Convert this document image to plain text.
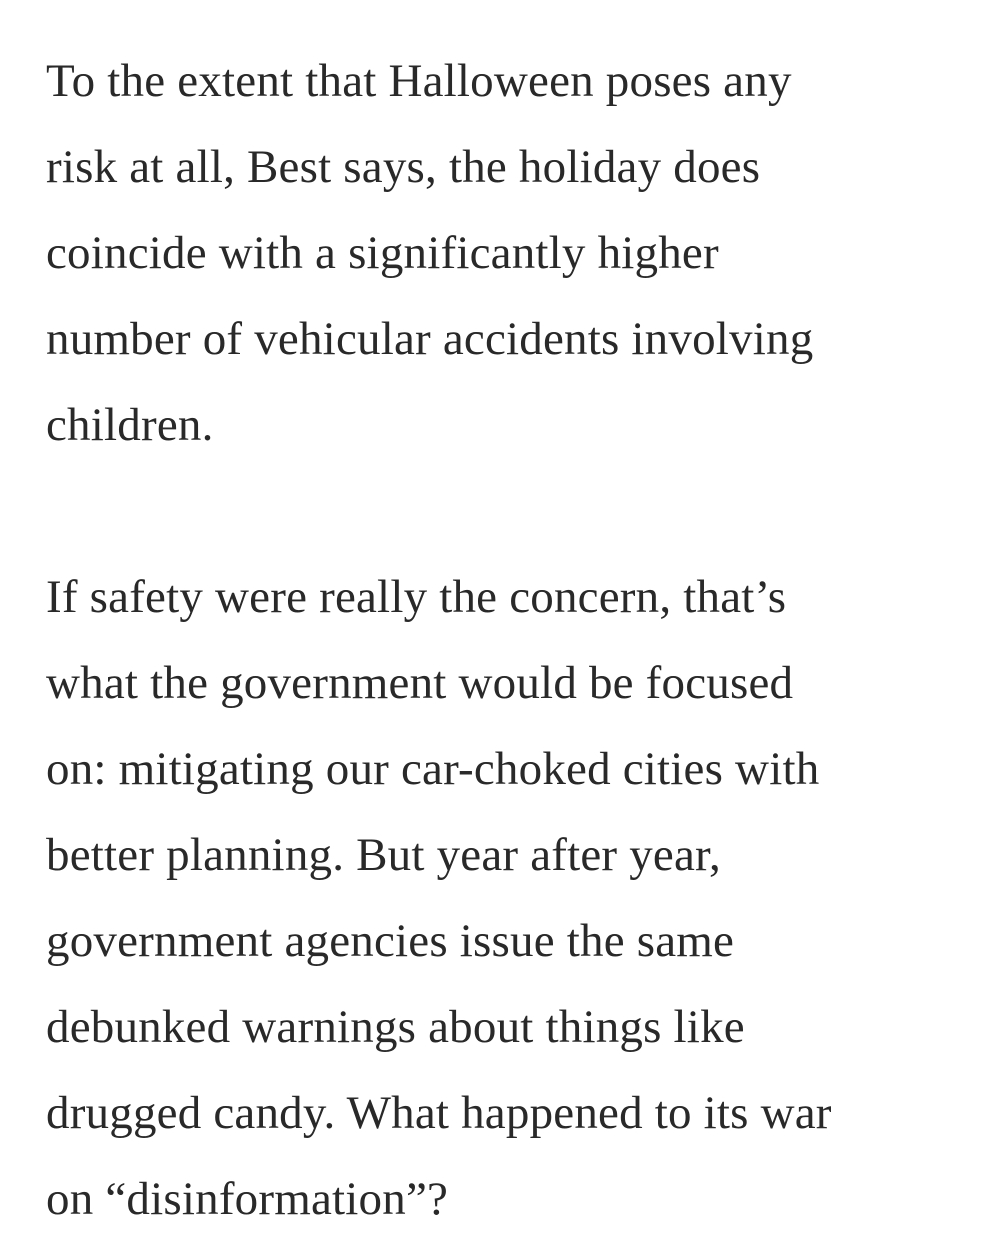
To the extent that Halloween poses any
risk at all, Best says, the holiday does
coincide with a significantly higher
number of vehicular accidents involving
children.

If safety were really the concern, that’s
what the government would be focused
on: mitigating our car-choked cities with
better planning. But year after year,
government agencies issue the same
debunked warnings about things like
drugged candy. What happened to its war
on “disinformation”?
